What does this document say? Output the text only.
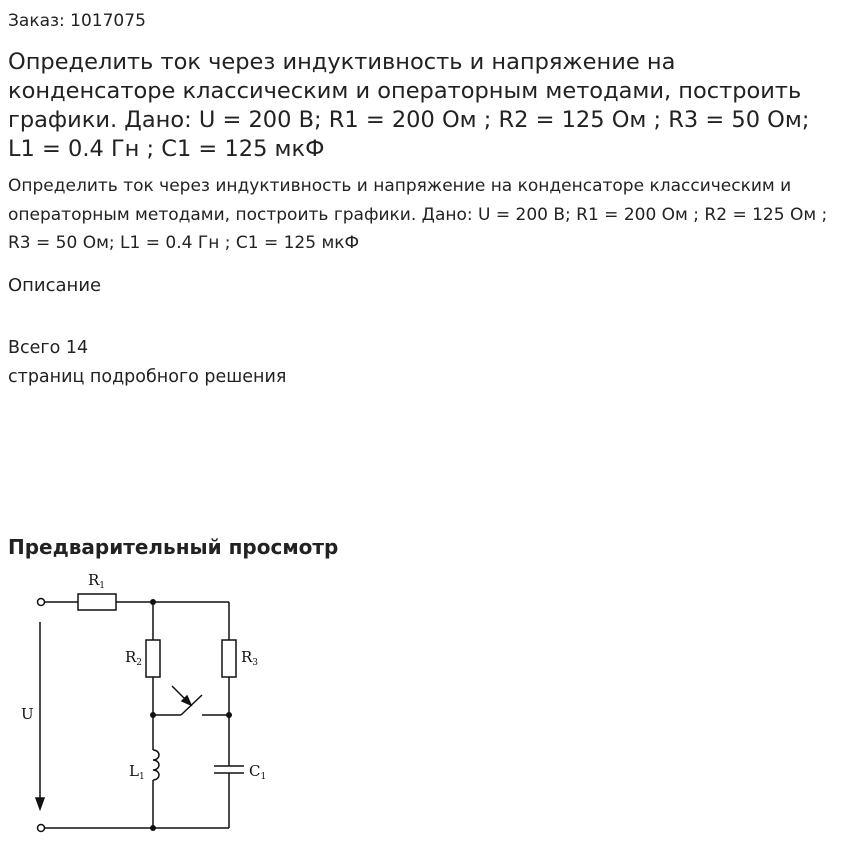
Заказ: 1017075
Определить ток через индуктивность и напряжение на конденсаторе классическим и операторным методами, построить графики. Дано: U = 200 В; R1 = 200 Ом ; R2 = 125 Ом ; R3 = 50 Ом; L1 = 0.4 Гн ; C1 = 125 мкФ

Определить ток через индуктивность и напряжение на конденсаторе классическим и операторным методами, построить графики. Дано: U = 200 В; R1 = 200 Ом ; R2 = 125 Ом ; R3 = 50 Ом; L1 = 0.4 Гн ; C1 = 125 мкФ

Описание
Всего 14
страниц подробного решения
Предварительный просмотр
$R_1$
$R_2$	$R_3$
$L_1$	$C_1$
U
